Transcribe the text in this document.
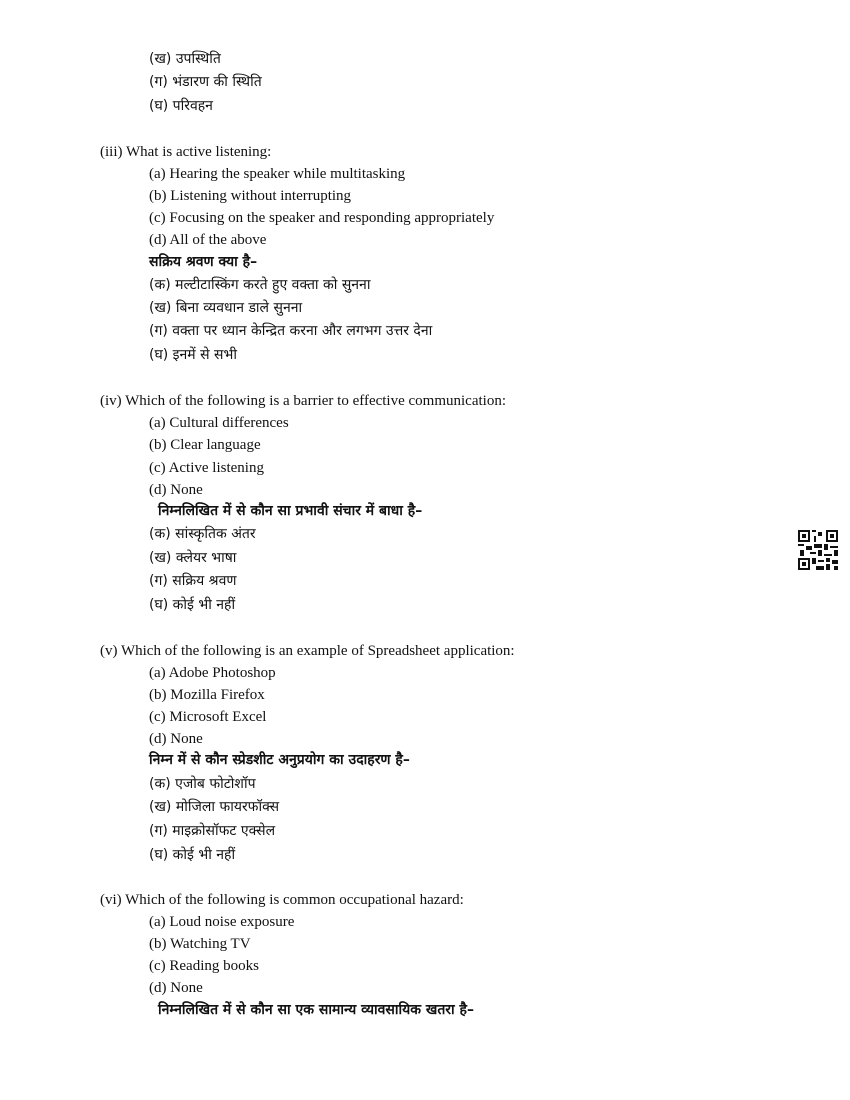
(ख) उपस्थिति
(ग) भंडारण की स्थिति
(घ) परिवहन
(iii) What is active listening:
(a) Hearing the speaker while multitasking
(b) Listening without interrupting
(c) Focusing on the speaker and responding appropriately
(d) All of the above
सक्रिय श्रवण क्या है–
(क) मल्टीटास्किंग करते हुए वक्ता को सुनना
(ख) बिना व्यवधान डाले सुनना
(ग) वक्ता पर ध्यान केन्द्रित करना और लगभग उत्तर देना
(घ) इनमें से सभी
(iv) Which of the following is a barrier to effective communication:
(a) Cultural differences
(b) Clear language
(c) Active listening
(d) None
निम्नलिखित में से कौन सा प्रभावी संचार में बाधा है–
(क) सांस्कृतिक अंतर
(ख) क्लेयर भाषा
(ग) सक्रिय श्रवण
(घ) कोई भी नहीं
(v) Which of the following is an example of Spreadsheet application:
(a) Adobe Photoshop
(b) Mozilla Firefox
(c) Microsoft Excel
(d) None
निम्न में से कौन स्प्रेडशीट अनुप्रयोग का उदाहरण है–
(क) एजोब फोटोशॉप
(ख) मोजिला फायरफॉक्स
(ग) माइक्रोसॉफट एक्सेल
(घ) कोई भी नहीं
(vi) Which of the following is common occupational hazard:
(a) Loud noise exposure
(b) Watching TV
(c) Reading books
(d) None
निम्नलिखित में से कौन सा एक सामान्य व्यावसायिक खतरा है–
